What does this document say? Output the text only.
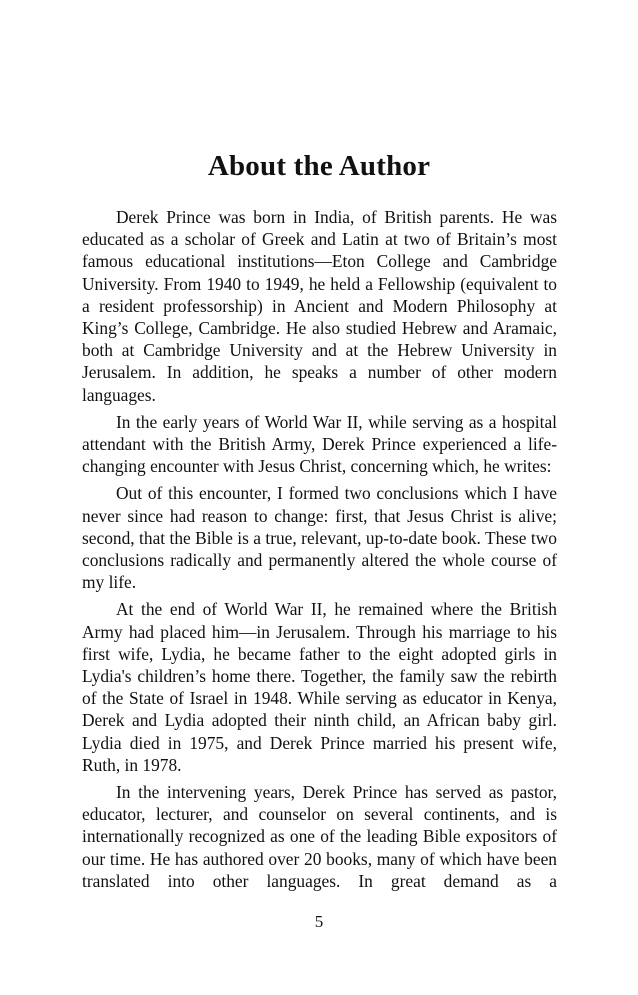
About the Author

Derek Prince was born in India, of British parents. He was educated as a scholar of Greek and Latin at two of Britain’s most famous educational institutions—Eton College and Cambridge University. From 1940 to 1949, he held a Fellowship (equivalent to a resident professorship) in Ancient and Modern Philosophy at King’s College, Cambridge. He also studied Hebrew and Aramaic, both at Cambridge University and at the Hebrew University in Jerusalem. In addition, he speaks a number of other modern languages.

In the early years of World War II, while serving as a hospital attendant with the British Army, Derek Prince experienced a life-changing encounter with Jesus Christ, concerning which, he writes:

Out of this encounter, I formed two conclusions which I have never since had reason to change: first, that Jesus Christ is alive; second, that the Bible is a true, relevant, up-to-date book. These two conclusions radically and permanently altered the whole course of my life.

At the end of World War II, he remained where the British Army had placed him—in Jerusalem. Through his marriage to his first wife, Lydia, he became father to the eight adopted girls in Lydia's children’s home there. Together, the family saw the rebirth of the State of Israel in 1948. While serving as educator in Kenya, Derek and Lydia adopted their ninth child, an African baby girl. Lydia died in 1975, and Derek Prince married his present wife, Ruth, in 1978.

In the intervening years, Derek Prince has served as pastor, educator, lecturer, and counselor on several continents, and is internationally recognized as one of the leading Bible expositors of our time. He has authored over 20 books, many of which have been translated into other languages. In great demand as a

5
